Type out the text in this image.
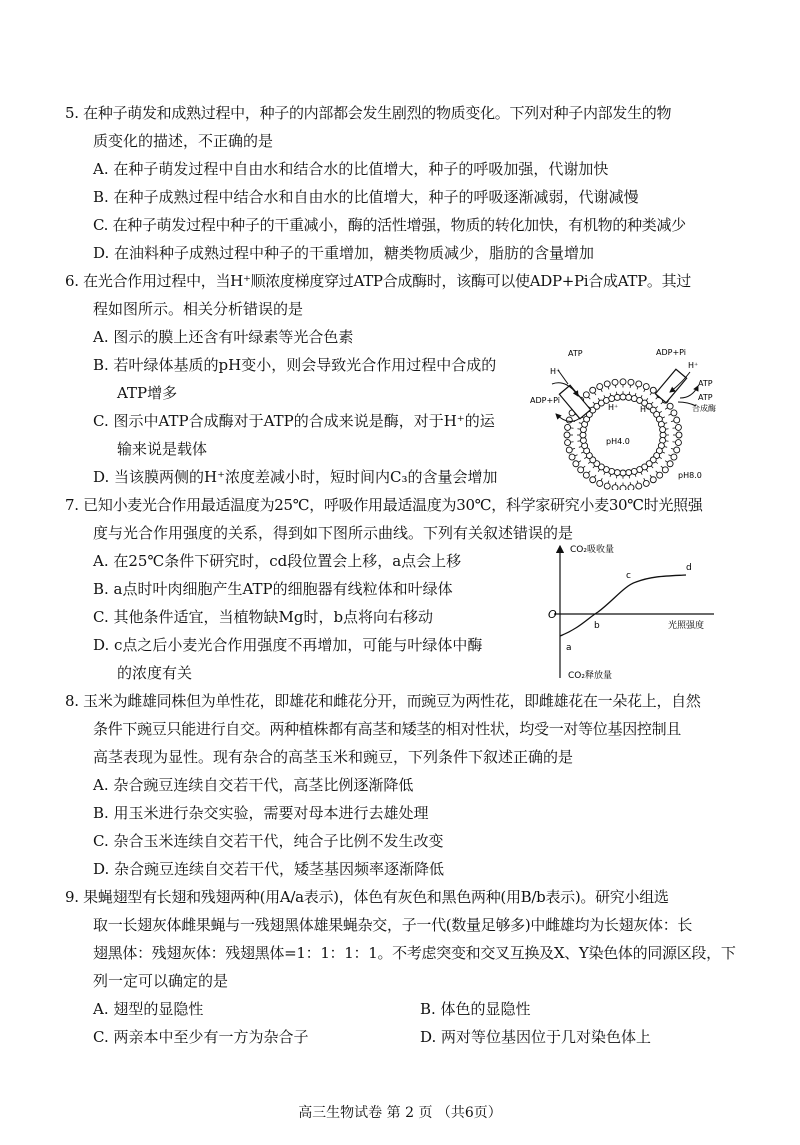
5. 在种子萌发和成熟过程中，种子的内部都会发生剧烈的物质变化。下列对种子内部发生的物
质变化的描述，不正确的是
A. 在种子萌发过程中自由水和结合水的比值增大，种子的呼吸加强，代谢加快
B. 在种子成熟过程中结合水和自由水的比值增大，种子的呼吸逐渐减弱，代谢减慢
C. 在种子萌发过程中种子的干重减小，酶的活性增强，物质的转化加快，有机物的种类减少
D. 在油料种子成熟过程中种子的干重增加，糖类物质减少，脂肪的含量增加
6. 在光合作用过程中，当H⁺顺浓度梯度穿过ATP合成酶时，该酶可以使ADP+Pi合成ATP。其过
程如图所示。相关分析错误的是
A. 图示的膜上还含有叶绿素等光合色素
B. 若叶绿体基质的pH变小，则会导致光合作用过程中合成的
ATP增多
C. 图示中ATP合成酶对于ATP的合成来说是酶，对于H⁺的运
输来说是载体
D. 当该膜两侧的H⁺浓度差减小时，短时间内C₃的含量会增加
ATP
H⁺
ADP+Pi
H⁺
ADP+Pi
H⁺
ATP
H⁺
ATP
合成酶
pH4.0
pH8.0
7. 已知小麦光合作用最适温度为25℃，呼吸作用最适温度为30℃，科学家研究小麦30℃时光照强
度与光合作用强度的关系，得到如下图所示曲线。下列有关叙述错误的是
A. 在25℃条件下研究时，cd段位置会上移，a点会上移
B. a点时叶肉细胞产生ATP的细胞器有线粒体和叶绿体
C. 其他条件适宜，当植物缺Mg时，b点将向右移动
D. c点之后小麦光合作用强度不再增加，可能与叶绿体中酶
的浓度有关
CO₂吸收量
CO₂释放量
光照强度
O
a
b
c
d
8. 玉米为雌雄同株但为单性花，即雄花和雌花分开，而豌豆为两性花，即雌雄花在一朵花上，自然
条件下豌豆只能进行自交。两种植株都有高茎和矮茎的相对性状，均受一对等位基因控制且
高茎表现为显性。现有杂合的高茎玉米和豌豆，下列条件下叙述正确的是
A. 杂合豌豆连续自交若干代，高茎比例逐渐降低
B. 用玉米进行杂交实验，需要对母本进行去雄处理
C. 杂合玉米连续自交若干代，纯合子比例不发生改变
D. 杂合豌豆连续自交若干代，矮茎基因频率逐渐降低
9. 果蝇翅型有长翅和残翅两种(用A/a表示)，体色有灰色和黑色两种(用B/b表示)。研究小组选
取一长翅灰体雌果蝇与一残翅黑体雄果蝇杂交，子一代(数量足够多)中雌雄均为长翅灰体：长
翅黑体：残翅灰体：残翅黑体=1：1：1：1。不考虑突变和交叉互换及X、Y染色体的同源区段，下
列一定可以确定的是
A. 翅型的显隐性	B. 体色的显隐性
C. 两亲本中至少有一方为杂合子	D. 两对等位基因位于几对染色体上
高三生物试卷 第 2 页 （共6页）
